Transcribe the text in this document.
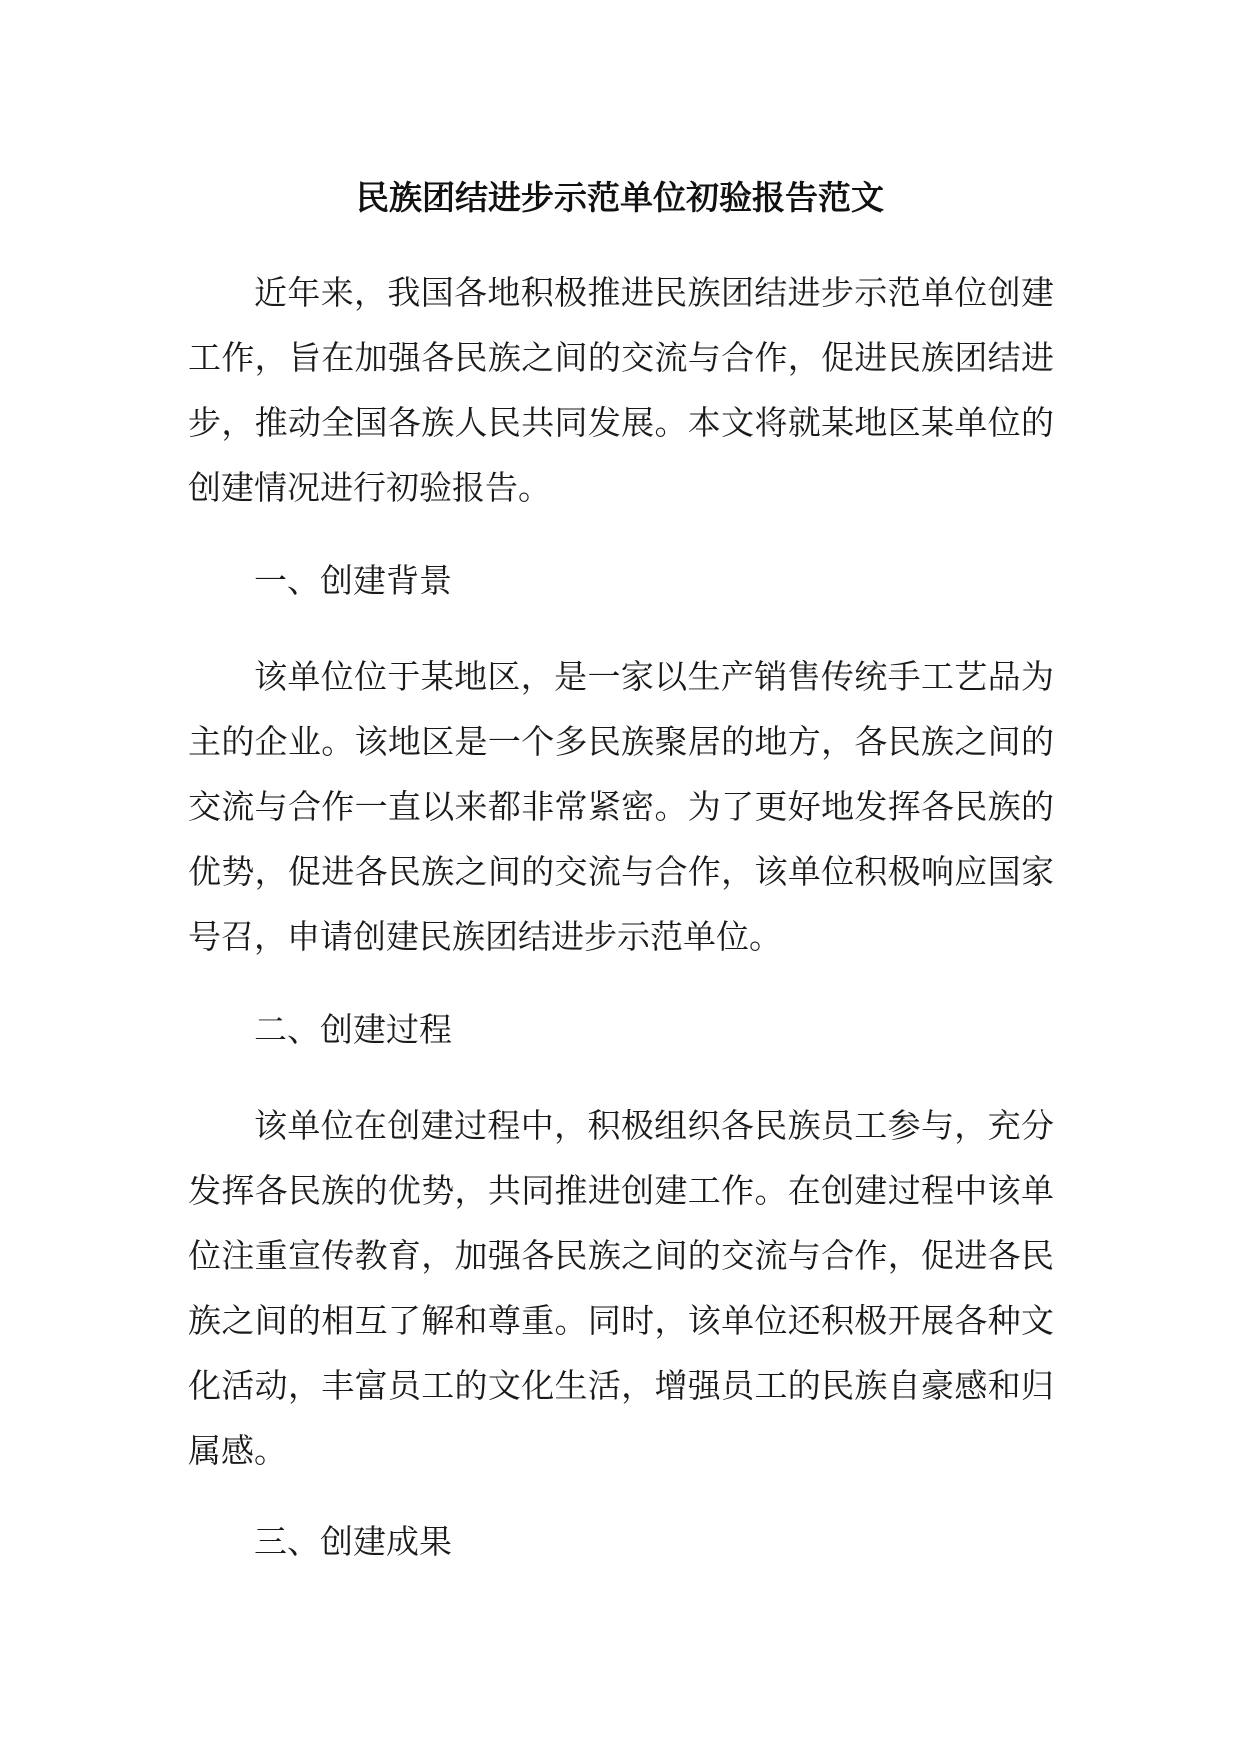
民族团结进步示范单位初验报告范文

近年来，我国各地积极推进民族团结进步示范单位创建工作，旨在加强各民族之间的交流与合作，促进民族团结进步，推动全国各族人民共同发展。本文将就某地区某单位的创建情况进行初验报告。

一、创建背景

该单位位于某地区，是一家以生产销售传统手工艺品为主的企业。该地区是一个多民族聚居的地方，各民族之间的交流与合作一直以来都非常紧密。为了更好地发挥各民族的优势，促进各民族之间的交流与合作，该单位积极响应国家号召，申请创建民族团结进步示范单位。

二、创建过程

该单位在创建过程中，积极组织各民族员工参与，充分发挥各民族的优势，共同推进创建工作。在创建过程中该单位注重宣传教育，加强各民族之间的交流与合作，促进各民族之间的相互了解和尊重。同时，该单位还积极开展各种文化活动，丰富员工的文化生活，增强员工的民族自豪感和归属感。

三、创建成果
